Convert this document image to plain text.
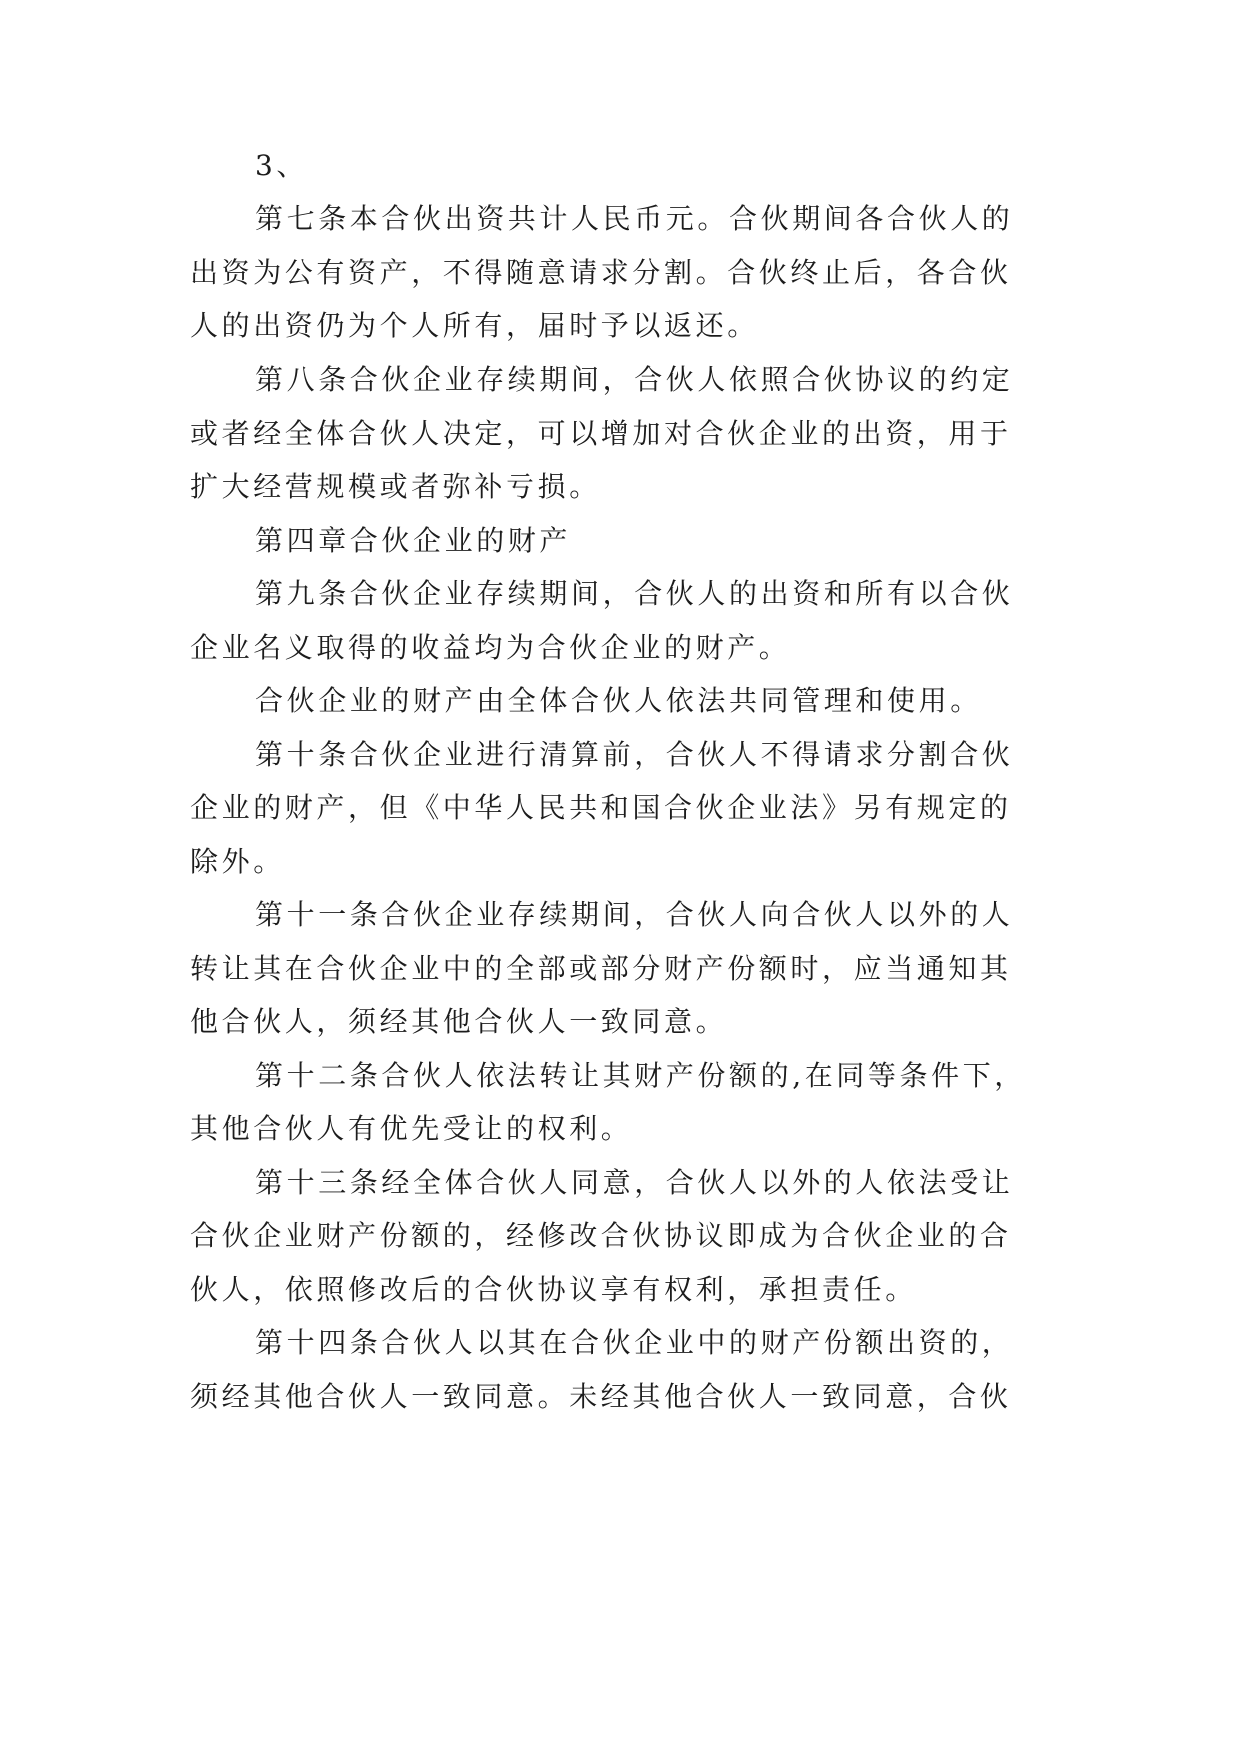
3、
第七条本合伙出资共计人民币元。合伙期间各合伙人的
出资为公有资产，不得随意请求分割。合伙终止后，各合伙
人的出资仍为个人所有，届时予以返还。
第八条合伙企业存续期间，合伙人依照合伙协议的约定
或者经全体合伙人决定，可以增加对合伙企业的出资，用于
扩大经营规模或者弥补亏损。
第四章合伙企业的财产
第九条合伙企业存续期间，合伙人的出资和所有以合伙
企业名义取得的收益均为合伙企业的财产。
合伙企业的财产由全体合伙人依法共同管理和使用。
第十条合伙企业进行清算前，合伙人不得请求分割合伙
企业的财产，但《中华人民共和国合伙企业法》另有规定的
除外。
第十一条合伙企业存续期间，合伙人向合伙人以外的人
转让其在合伙企业中的全部或部分财产份额时，应当通知其
他合伙人，须经其他合伙人一致同意。
第十二条合伙人依法转让其财产份额的,在同等条件下，
其他合伙人有优先受让的权利。
第十三条经全体合伙人同意，合伙人以外的人依法受让
合伙企业财产份额的，经修改合伙协议即成为合伙企业的合
伙人，依照修改后的合伙协议享有权利，承担责任。
第十四条合伙人以其在合伙企业中的财产份额出资的，
须经其他合伙人一致同意。未经其他合伙人一致同意，合伙
